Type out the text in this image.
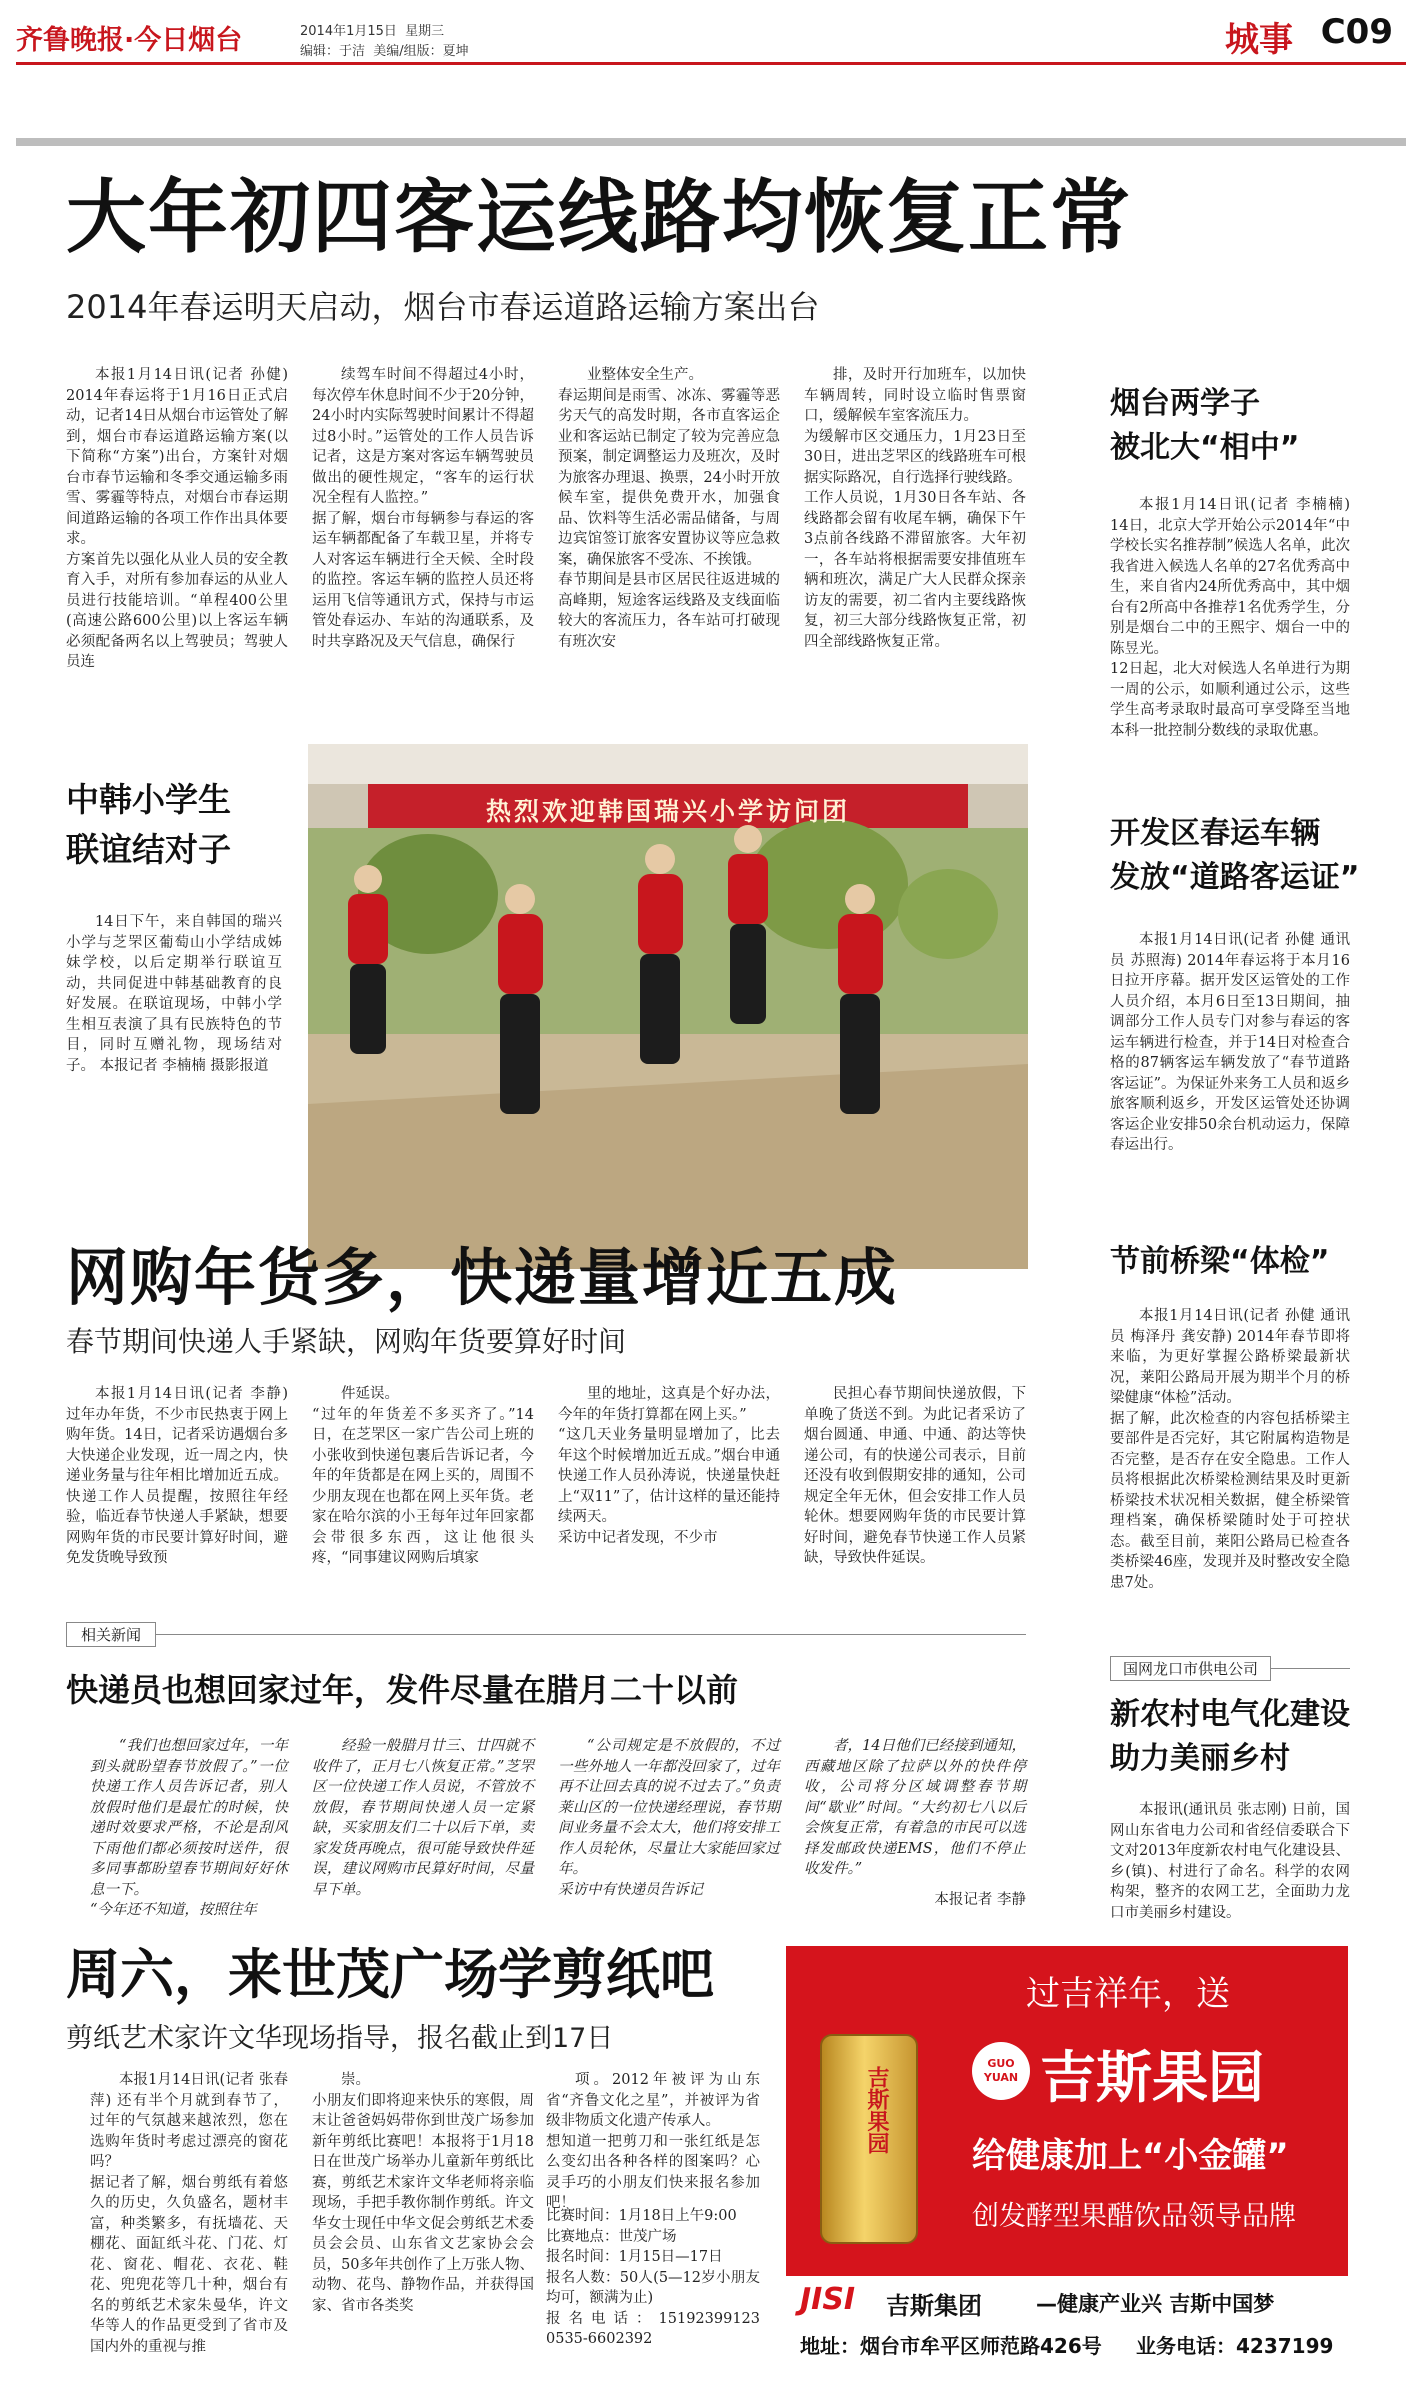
齐鲁晚报·今日烟台	2014年1月15日  星期三
编辑：于洁  美编/组版：夏坤	城事 C09
大年初四客运线路均恢复正常
2014年春运明天启动，烟台市春运道路运输方案出台
本报1月14日讯(记者 孙健) 2014年春运将于1月16日正式启动，记者14日从烟台市运管处了解到，烟台市春运道路运输方案(以下简称“方案”)出台，方案针对烟台市春节运输和冬季交通运输多雨雪、雾霾等特点，对烟台市春运期间道路运输的各项工作作出具体要求。
方案首先以强化从业人员的安全教育入手，对所有参加春运的从业人员进行技能培训。“单程400公里(高速公路600公里)以上客运车辆必须配备两名以上驾驶员；驾驶人员连
续驾车时间不得超过4小时，每次停车休息时间不少于20分钟，24小时内实际驾驶时间累计不得超过8小时。”运管处的工作人员告诉记者，这是方案对客运车辆驾驶员做出的硬性规定，“客车的运行状况全程有人监控。”
据了解，烟台市每辆参与春运的客运车辆都配备了车载卫星，并将专人对客运车辆进行全天候、全时段的监控。客运车辆的监控人员还将运用飞信等通讯方式，保持与市运管处春运办、车站的沟通联系，及时共享路况及天气信息，确保行
业整体安全生产。
春运期间是雨雪、冰冻、雾霾等恶劣天气的高发时期，各市直客运企业和客运站已制定了较为完善应急预案，制定调整运力及班次，及时为旅客办理退、换票，24小时开放候车室，提供免费开水，加强食品、饮料等生活必需品储备，与周边宾馆签订旅客安置协议等应急救案，确保旅客不受冻、不挨饿。
春节期间是县市区居民往返进城的高峰期，短途客运线路及支线面临较大的客流压力，各车站可打破现有班次安
排，及时开行加班车，以加快车辆周转，同时设立临时售票窗口，缓解候车室客流压力。
为缓解市区交通压力，1月23日至30日，进出芝罘区的线路班车可根据实际路况，自行选择行驶线路。
工作人员说，1月30日各车站、各线路都会留有收尾车辆，确保下午3点前各线路不滞留旅客。大年初一，各车站将根据需要安排值班车辆和班次，满足广大人民群众探亲访友的需要，初二省内主要线路恢复，初三大部分线路恢复正常，初四全部线路恢复正常。
烟台两学子
被北大“相中”
本报1月14日讯(记者 李楠楠) 14日，北京大学开始公示2014年“中学校长实名推荐制”候选人名单，此次我省进入候选人名单的27名优秀高中生，来自省内24所优秀高中，其中烟台有2所高中各推荐1名优秀学生，分别是烟台二中的王熙宇、烟台一中的陈昱光。
12日起，北大对候选人名单进行为期一周的公示，如顺利通过公示，这些学生高考录取时最高可享受降至当地本科一批控制分数线的录取优惠。
热烈欢迎韩国瑞兴小学访问团
中韩小学生
联谊结对子
14日下午，来自韩国的瑞兴小学与芝罘区葡萄山小学结成姊妹学校，以后定期举行联谊互动，共同促进中韩基础教育的良好发展。在联谊现场，中韩小学生相互表演了具有民族特色的节目，同时互赠礼物，现场结对子。 本报记者 李楠楠 摄影报道
开发区春运车辆
发放“道路客运证”
本报1月14日讯(记者 孙健 通讯员 苏照海) 2014年春运将于本月16日拉开序幕。据开发区运管处的工作人员介绍，本月6日至13日期间，抽调部分工作人员专门对参与春运的客运车辆进行检查，并于14日对检查合格的87辆客运车辆发放了“春节道路客运证”。为保证外来务工人员和返乡旅客顺利返乡，开发区运管处还协调客运企业安排50余台机动运力，保障春运出行。
网购年货多，快递量增近五成
春节期间快递人手紧缺，网购年货要算好时间
本报1月14日讯(记者 李静) 过年办年货，不少市民热衷于网上购年货。14日，记者采访遇烟台多大快递企业发现，近一周之内，快递业务量与往年相比增加近五成。快递工作人员提醒，按照往年经验，临近春节快递人手紧缺，想要网购年货的市民要计算好时间，避免发货晚导致预
件延误。
“过年的年货差不多买齐了。”14日，在芝罘区一家广告公司上班的小张收到快递包裹后告诉记者，今年的年货都是在网上买的，周围不少朋友现在也都在网上买年货。老家在哈尔滨的小王每年过年回家都会带很多东西，这让他很头疼，“同事建议网购后填家
里的地址，这真是个好办法，今年的年货打算都在网上买。”
“这几天业务量明显增加了，比去年这个时候增加近五成。”烟台申通快递工作人员孙涛说，快递量快赶上“双11”了，估计这样的量还能持续两天。
采访中记者发现，不少市
民担心春节期间快递放假，下单晚了货送不到。为此记者采访了烟台圆通、申通、中通、韵达等快递公司，有的快递公司表示，目前还没有收到假期安排的通知，公司规定全年无休，但会安排工作人员轮休。想要网购年货的市民要计算好时间，避免春节快递工作人员紧缺，导致快件延误。
相关新闻
快递员也想回家过年，发件尽量在腊月二十以前
“我们也想回家过年，一年到头就盼望春节放假了。”一位快递工作人员告诉记者，别人放假时他们是最忙的时候，快递时效要求严格，不论是刮风下雨他们都必须按时送件，很多同事都盼望春节期间好好休息一下。
“今年还不知道，按照往年
经验一般腊月廿三、廿四就不收件了，正月七八恢复正常。”芝罘区一位快递工作人员说，不管放不放假，春节期间快递人员一定紧缺，买家朋友们二十以后下单，卖家发货再晚点，很可能导致快件延误，建议网购市民算好时间，尽量早下单。
“公司规定是不放假的，不过一些外地人一年都没回家了，过年再不让回去真的说不过去了。”负责莱山区的一位快递经理说，春节期间业务量不会太大，他们将安排工作人员轮休，尽量让大家能回家过年。
采访中有快递员告诉记
者，14日他们已经接到通知，西藏地区除了拉萨以外的快件停收，公司将分区域调整春节期间“歇业”时间。“大约初七八以后会恢复正常，有着急的市民可以选择发邮政快递EMS，他们不停止收发件。”
本报记者 李静
节前桥梁“体检”
本报1月14日讯(记者 孙健 通讯员 梅泽丹 龚安静) 2014年春节即将来临，为更好掌握公路桥梁最新状况，莱阳公路局开展为期半个月的桥梁健康“体检”活动。
据了解，此次检查的内容包括桥梁主要部件是否完好，其它附属构造物是否完整，是否存在安全隐患。工作人员将根据此次桥梁检测结果及时更新桥梁技术状况相关数据，健全桥梁管理档案，确保桥梁随时处于可控状态。截至目前，莱阳公路局已检查各类桥梁46座，发现并及时整改安全隐患7处。
国网龙口市供电公司
新农村电气化建设
助力美丽乡村
本报讯(通讯员 张志刚) 日前，国网山东省电力公司和省经信委联合下文对2013年度新农村电气化建设县、乡(镇)、村进行了命名。科学的农网构架，整齐的农网工艺，全面助力龙口市美丽乡村建设。
周六，来世茂广场学剪纸吧
剪纸艺术家许文华现场指导，报名截止到17日
本报1月14日讯(记者 张春萍) 还有半个月就到春节了，过年的气氛越来越浓烈，您在选购年货时考虑过漂亮的窗花吗？
据记者了解，烟台剪纸有着悠久的历史，久负盛名，题材丰富，种类繁多，有抚墙花、天棚花、面缸纸斗花、门花、灯花、窗花、帽花、衣花、鞋花、兜兜花等几十种，烟台有名的剪纸艺术家朱曼华，许文华等人的作品更受到了省市及国内外的重视与推
崇。
小朋友们即将迎来快乐的寒假，周末让爸爸妈妈带你到世茂广场参加新年剪纸比赛吧！本报将于1月18日在世茂广场举办儿童新年剪纸比赛，剪纸艺术家许文华老师将亲临现场，手把手教你制作剪纸。许文华女士现任中华文促会剪纸艺术委员会会员、山东省文艺家协会会员，50多年共创作了上万张人物、动物、花鸟、静物作品，并获得国家、省市各类奖
项。2012年被评为山东省“齐鲁文化之星”，并被评为省级非物质文化遗产传承人。
想知道一把剪刀和一张红纸是怎么变幻出各种各样的图案吗？心灵手巧的小朋友们快来报名参加吧！
比赛时间：1月18日上午9:00
比赛地点：世茂广场
报名时间：1月15日—17日
报名人数：50人(5—12岁小朋友均可，额满为止)
报名电话：15192399123 0535-6602392
过吉祥年，送
GUO
YUAN 吉斯果园
给健康加上“小金罐”
创发酵型果醋饮品领导品牌
吉斯果园
JISI 吉斯集团	—健康产业兴 吉斯中国梦
地址：烟台市牟平区师范路426号 业务电话：4237199
